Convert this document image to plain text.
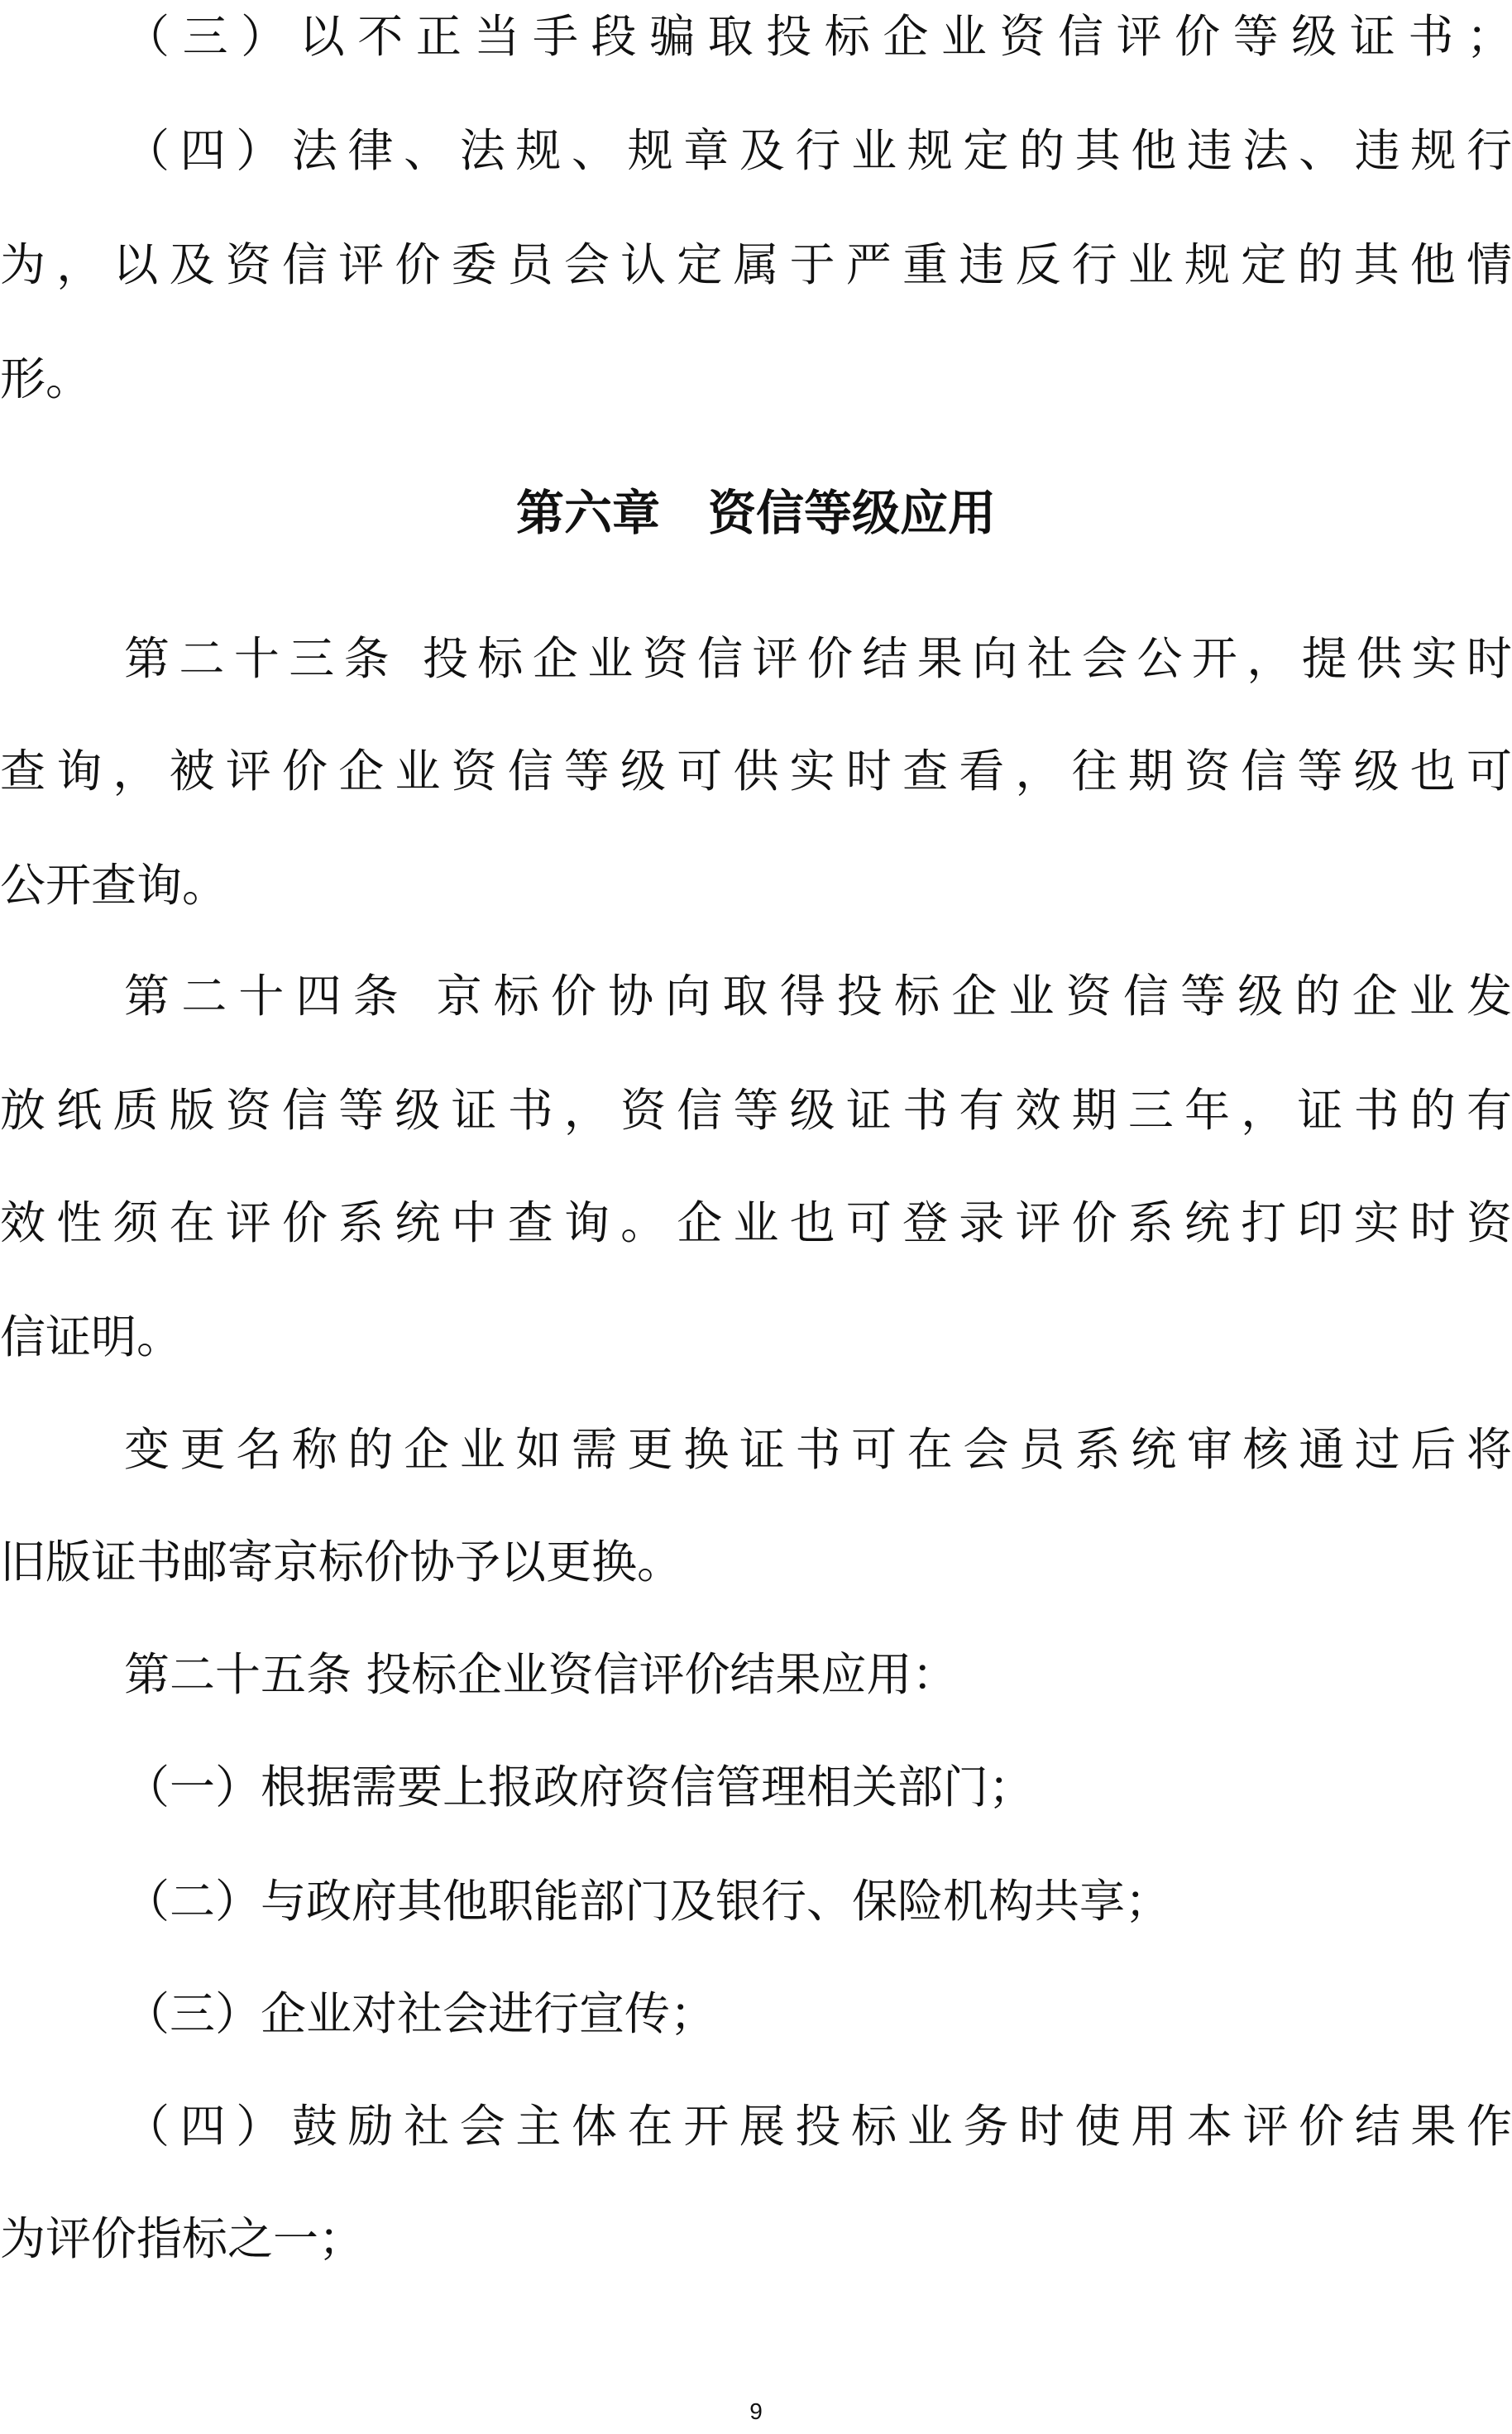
（三）以不正当手段骗取投标企业资信评价等级证书；
（四）法律、法规、规章及行业规定的其他违法、违规行
为，以及资信评价委员会认定属于严重违反行业规定的其他情
形。
第六章　资信等级应用
第二十三条 投标企业资信评价结果向社会公开，提供实时
查询，被评价企业资信等级可供实时查看，往期资信等级也可
公开查询。
第二十四条 京标价协向取得投标企业资信等级的企业发
放纸质版资信等级证书，资信等级证书有效期三年，证书的有
效性须在评价系统中查询。企业也可登录评价系统打印实时资
信证明。
变更名称的企业如需更换证书可在会员系统审核通过后将
旧版证书邮寄京标价协予以更换。
第二十五条 投标企业资信评价结果应用：
（一）根据需要上报政府资信管理相关部门；
（二）与政府其他职能部门及银行、保险机构共享；
（三）企业对社会进行宣传；
（四）鼓励社会主体在开展投标业务时使用本评价结果作
为评价指标之一；
9
